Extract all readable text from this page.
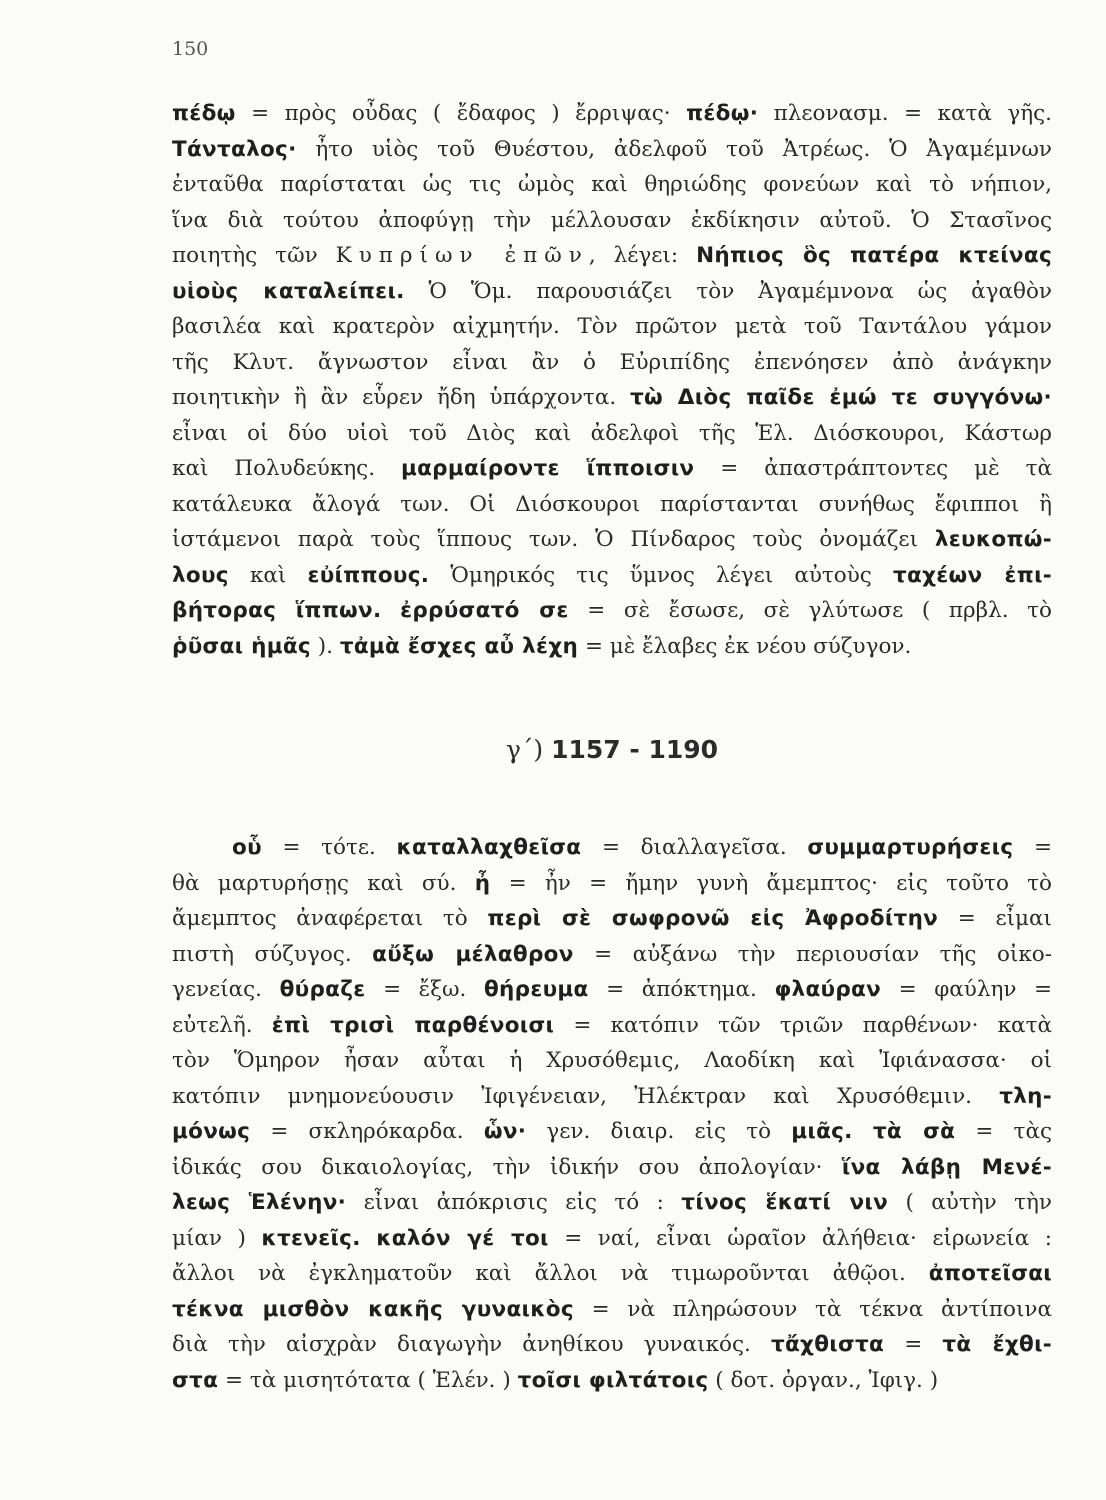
150
πέδῳ = πρὸς οὖδας ( ἔδαφος ) ἔρριψας· πέδῳ· πλεονασμ. = κατὰ γῆς.
Τάνταλος· ἦτο υἱὸς τοῦ Θυέστου, ἀδελφοῦ τοῦ Ἀτρέως. Ὁ Ἀγαμέμνων
ἐνταῦθα παρίσταται ὡς τις ὠμὸς καὶ θηριώδης φονεύων καὶ τὸ νήπιον,
ἵνα διὰ τούτου ἀποφύγῃ τὴν μέλλουσαν ἐκδίκησιν αὐτοῦ. Ὁ Στασῖνος
ποιητὴς τῶν Κυπρίων ἐπῶν, λέγει: Νήπιος ὃς πατέρα κτείνας
υἱοὺς καταλείπει. Ὁ Ὅμ. παρουσιάζει τὸν Ἀγαμέμνονα ὡς ἀγαθὸν
βασιλέα καὶ κρατερὸν αἰχμητήν. Τὸν πρῶτον μετὰ τοῦ Ταντάλου γάμον
τῆς Κλυτ. ἄγνωστον εἶναι ἂν ὁ Εὐριπίδης ἐπενόησεν ἀπὸ ἀνάγκην
ποιητικὴν ἢ ἂν εὗρεν ἤδη ὑπάρχοντα. τὼ Διὸς παῖδε ἐμώ τε συγγόνω·
εἶναι οἱ δύο υἱοὶ τοῦ Διὸς καὶ ἀδελφοὶ τῆς Ἑλ. Διόσκουροι, Κάστωρ
καὶ Πολυδεύκης. μαρμαίροντε ἵπποισιν = ἀπαστράπτοντες μὲ τὰ
κατάλευκα ἄλογά των. Οἱ Διόσκουροι παρίστανται συνήθως ἔφιπποι ἢ
ἱστάμενοι παρὰ τοὺς ἵππους των. Ὁ Πίνδαρος τοὺς ὀνομάζει λευκοπώ-
λους καὶ εὐίππους. Ὁμηρικός τις ὕμνος λέγει αὐτοὺς ταχέων ἐπι-
βήτορας ἵππων. ἐρρύσατό σε = σὲ ἔσωσε, σὲ γλύτωσε ( πρβλ. τὸ
ῥῦσαι ἡμᾶς ). τἀμὰ ἔσχες αὖ λέχη = μὲ ἔλαβες ἐκ νέου σύζυγον.
γ΄) 1157 - 1190
οὗ = τότε. καταλλαχθεῖσα = διαλλαγεῖσα. συμμαρτυρήσεις =
θὰ μαρτυρήσῃς καὶ σύ. ἦ = ἦν = ἤμην γυνὴ ἄμεμπτος· εἰς τοῦτο τὸ
ἄμεμπτος ἀναφέρεται τὸ περὶ σὲ σωφρονῶ εἰς Ἀφροδίτην = εἶμαι
πιστὴ σύζυγος. αὔξω μέλαθρον = αὐξάνω τὴν περιουσίαν τῆς οἰκο-
γενείας. θύραζε = ἔξω. θήρευμα = ἀπόκτημα. φλαύραν = φαύλην =
εὐτελῆ. ἐπὶ τρισὶ παρθένοισι = κατόπιν τῶν τριῶν παρθένων· κατὰ
τὸν Ὅμηρον ἦσαν αὗται ἡ Χρυσόθεμις, Λαοδίκη καὶ Ἰφιάνασσα· οἱ
κατόπιν μνημονεύουσιν Ἰφιγένειαν, Ἠλέκτραν καὶ Χρυσόθεμιν. τλη-
μόνως = σκληρόκαρδα. ὧν· γεν. διαιρ. εἰς τὸ μιᾶς. τὰ σὰ = τὰς
ἰδικάς σου δικαιολογίας, τὴν ἰδικήν σου ἀπολογίαν· ἵνα λάβῃ Μενέ-
λεως Ἑλένην· εἶναι ἀπόκρισις εἰς τό : τίνος ἕκατί νιν ( αὐτὴν τὴν
μίαν ) κτενεῖς. καλόν γέ τοι = ναί, εἶναι ὡραῖον ἀλήθεια· εἰρωνεία :
ἄλλοι νὰ ἐγκληματοῦν καὶ ἄλλοι νὰ τιμωροῦνται ἀθῷοι. ἀποτεῖσαι
τέκνα μισθὸν κακῆς γυναικὸς = νὰ πληρώσουν τὰ τέκνα ἀντίποινα
διὰ τὴν αἰσχρὰν διαγωγὴν ἀνηθίκου γυναικός. τἄχθιστα = τὰ ἔχθι-
στα = τὰ μισητότατα ( Ἑλέν. ) τοῖσι φιλτάτοις ( δοτ. ὀργαν., Ἰφιγ. )
